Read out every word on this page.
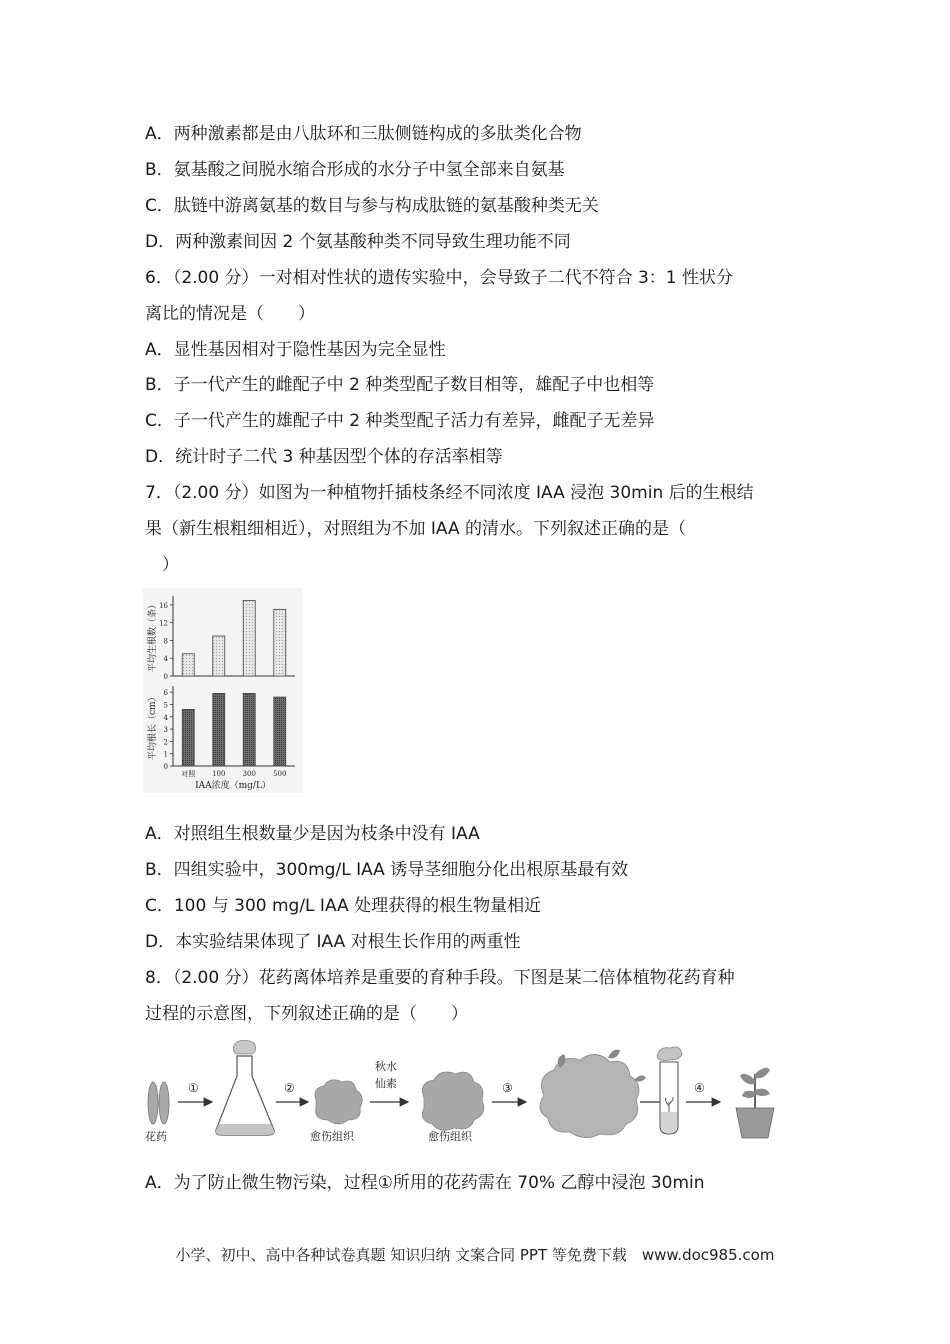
A．两种激素都是由八肽环和三肽侧链构成的多肽类化合物
B．氨基酸之间脱水缩合形成的水分子中氢全部来自氨基
C．肽链中游离氨基的数目与参与构成肽链的氨基酸种类无关
D．两种激素间因 2 个氨基酸种类不同导致生理功能不同
6．（2.00 分）一对相对性状的遗传实验中，会导致子二代不符合 3：1 性状分
离比的情况是（　　）
A．显性基因相对于隐性基因为完全显性
B．子一代产生的雌配子中 2 种类型配子数目相等，雄配子中也相等
C．子一代产生的雄配子中 2 种类型配子活力有差异，雌配子无差异
D．统计时子二代 3 种基因型个体的存活率相等
7．（2.00 分）如图为一种植物扦插枝条经不同浓度 IAA 浸泡 30min 后的生根结
果（新生根粗细相近），对照组为不加 IAA 的清水。下列叙述正确的是（
　）
平均生根数（条）
0
4
8
12
16
平均根长（cm）
0
1
2
3
4
5
6
对照 100 300 500
IAA浓度（mg/L）
A．对照组生根数量少是因为枝条中没有 IAA
B．四组实验中，300mg/L IAA 诱导茎细胞分化出根原基最有效
C．100 与 300 mg/L IAA 处理获得的根生物量相近
D．本实验结果体现了 IAA 对根生长作用的两重性
8．（2.00 分）花药离体培养是重要的育种手段。下图是某二倍体植物花药育种
过程的示意图，下列叙述正确的是（　　）
花药
①	②
愈伤组织
秋水
仙素
愈伤组织
③	④
A．为了防止微生物污染，过程①所用的花药需在 70% 乙醇中浸泡 30min
小学、初中、高中各种试卷真题 知识归纳 文案合同 PPT 等免费下载　www.doc985.com
